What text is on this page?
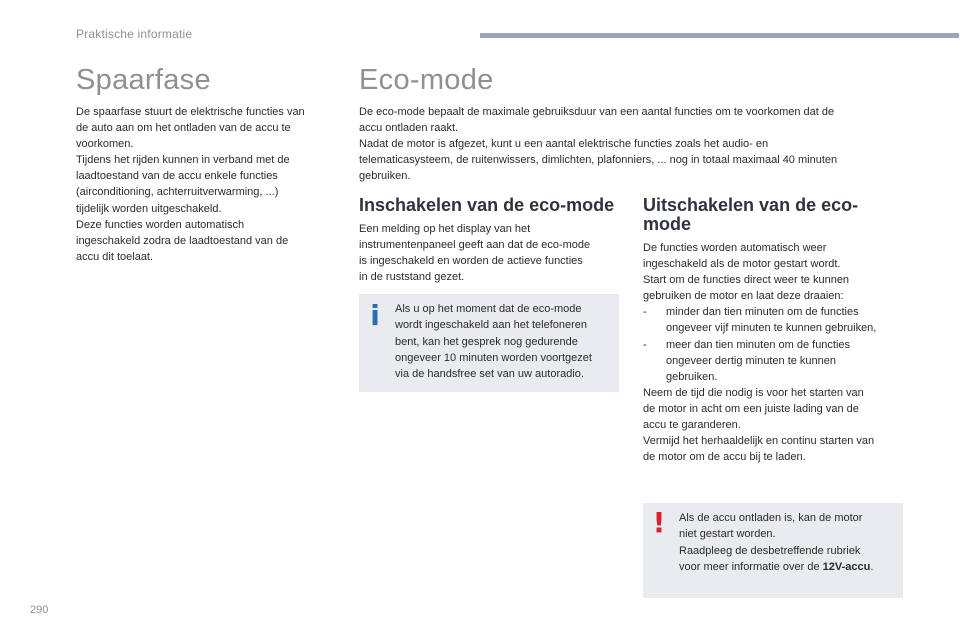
Praktische informatie
Spaarfase
De spaarfase stuurt de elektrische functies van
de auto aan om het ontladen van de accu te
voorkomen.
Tijdens het rijden kunnen in verband met de
laadtoestand van de accu enkele functies
(airconditioning, achterruitverwarming, ...)
tijdelijk worden uitgeschakeld.
Deze functies worden automatisch
ingeschakeld zodra de laadtoestand van de
accu dit toelaat.
Eco-mode
De eco-mode bepaalt de maximale gebruiksduur van een aantal functies om te voorkomen dat de
accu ontladen raakt.
Nadat de motor is afgezet, kunt u een aantal elektrische functies zoals het audio- en
telematicasysteem, de ruitenwissers, dimlichten, plafonniers, ... nog in totaal maximaal 40 minuten
gebruiken.
Inschakelen van de eco-mode
Een melding op het display van het
instrumentenpaneel geeft aan dat de eco-mode
is ingeschakeld en worden de actieve functies
in de ruststand gezet.
i	Als u op het moment dat de eco-mode
wordt ingeschakeld aan het telefoneren
bent, kan het gesprek nog gedurende
ongeveer 10 minuten worden voortgezet
via de handsfree set van uw autoradio.
Uitschakelen van de eco-
mode
De functies worden automatisch weer
ingeschakeld als de motor gestart wordt.
Start om de functies direct weer te kunnen
gebruiken de motor en laat deze draaien:
-	minder dan tien minuten om de functies
ongeveer vijf minuten te kunnen gebruiken,
-	meer dan tien minuten om de functies
ongeveer dertig minuten te kunnen
gebruiken.
Neem de tijd die nodig is voor het starten van
de motor in acht om een juiste lading van de
accu te garanderen.
Vermijd het herhaaldelijk en continu starten van
de motor om de accu bij te laden.
!	Als de accu ontladen is, kan de motor
niet gestart worden.
Raadpleeg de desbetreffende rubriek
voor meer informatie over de 12V-accu.
290
